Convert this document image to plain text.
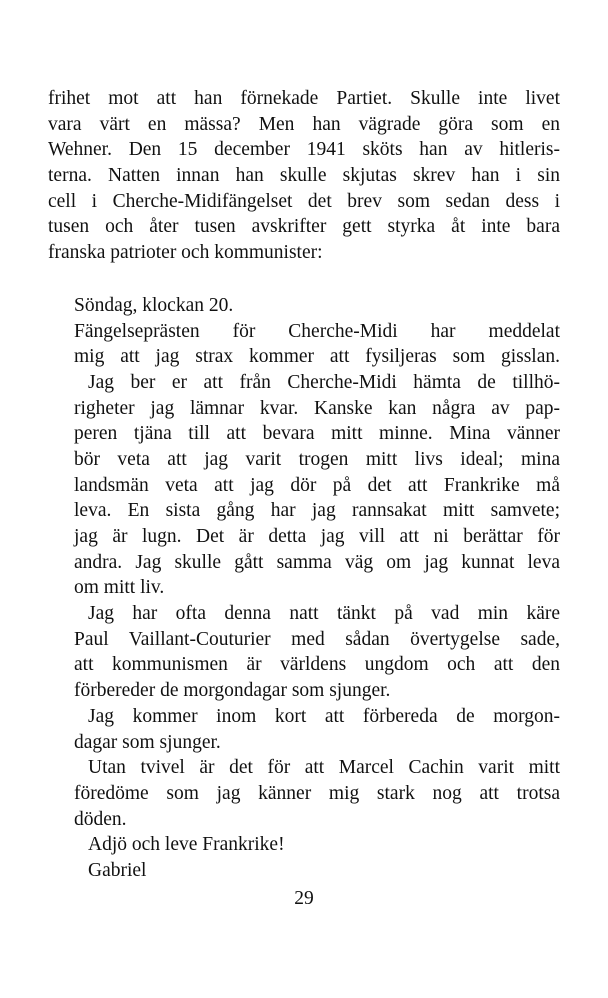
frihet mot att han förnekade Partiet. Skulle inte livet

vara värt en mässa? Men han vägrade göra som en

Wehner. Den 15 december 1941 sköts han av hitleris-

terna. Natten innan han skulle skjutas skrev han i sin

cell i Cherche-Midifängelset det brev som sedan dess i

tusen och åter tusen avskrifter gett styrka åt inte bara

franska patrioter och kommunister:

Söndag, klockan 20.

Fängelseprästen för Cherche-Midi har meddelat

mig att jag strax kommer att fysiljeras som gisslan.

Jag ber er att från Cherche-Midi hämta de tillhö-

righeter jag lämnar kvar. Kanske kan några av pap-

peren tjäna till att bevara mitt minne. Mina vänner

bör veta att jag varit trogen mitt livs ideal; mina

landsmän veta att jag dör på det att Frankrike må

leva. En sista gång har jag rannsakat mitt samvete;

jag är lugn. Det är detta jag vill att ni berättar för

andra. Jag skulle gått samma väg om jag kunnat leva

om mitt liv.

Jag har ofta denna natt tänkt på vad min käre

Paul Vaillant-Couturier med sådan övertygelse sade,

att kommunismen är världens ungdom och att den

förbereder de morgondagar som sjunger.

Jag kommer inom kort att förbereda de morgon-

dagar som sjunger.

Utan tvivel är det för att Marcel Cachin varit mitt

föredöme som jag känner mig stark nog att trotsa

döden.

Adjö och leve Frankrike!

Gabriel

29
